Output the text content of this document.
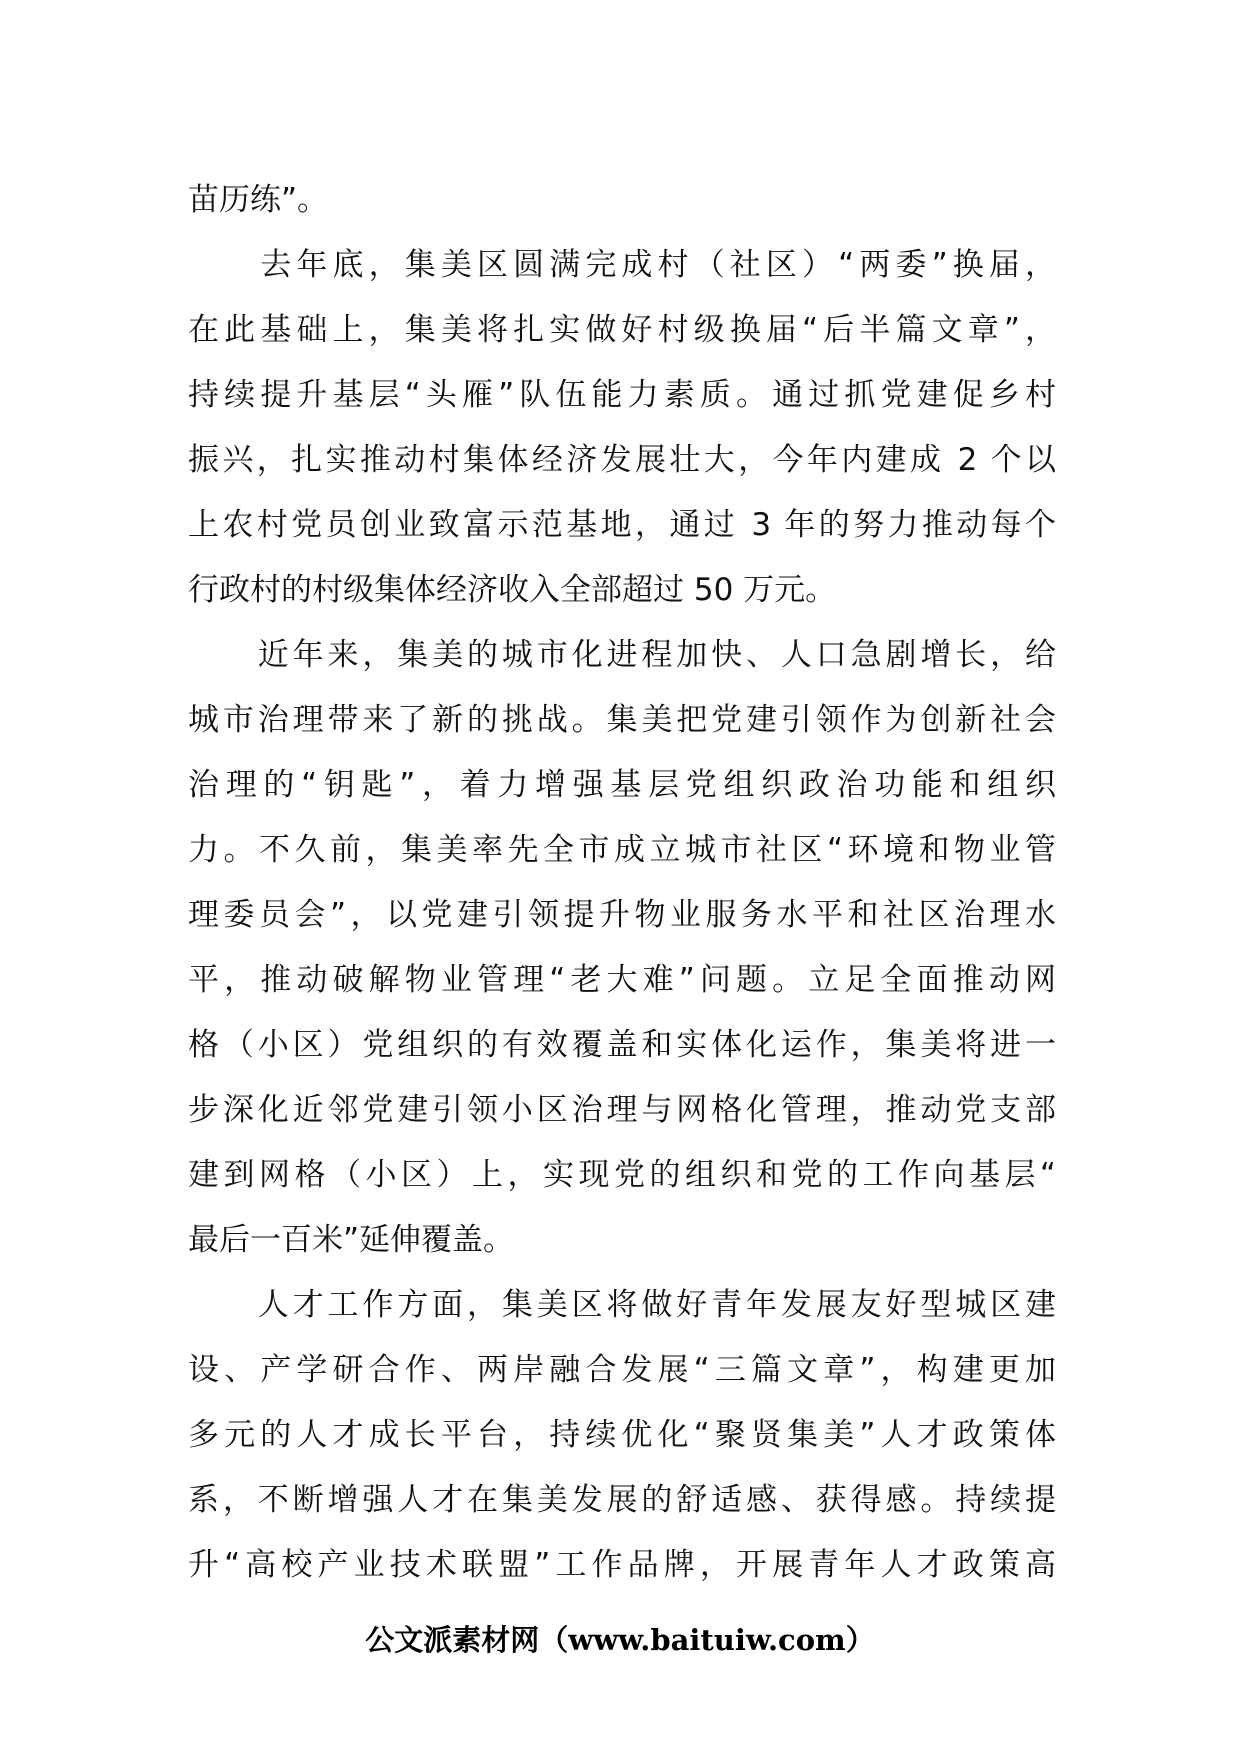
苗历练”。
　　去年底，集美区圆满完成村（社区）“两委”换届，
在此基础上，集美将扎实做好村级换届“后半篇文章”，
持续提升基层“头雁”队伍能力素质。通过抓党建促乡村
振兴，扎实推动村集体经济发展壮大，今年内建成 2 个以
上农村党员创业致富示范基地，通过 3 年的努力推动每个
行政村的村级集体经济收入全部超过 50 万元。
　　近年来，集美的城市化进程加快、人口急剧增长，给
城市治理带来了新的挑战。集美把党建引领作为创新社会
治理的“钥匙”，着力增强基层党组织政治功能和组织
力。不久前，集美率先全市成立城市社区“环境和物业管
理委员会”，以党建引领提升物业服务水平和社区治理水
平，推动破解物业管理“老大难”问题。立足全面推动网
格（小区）党组织的有效覆盖和实体化运作，集美将进一
步深化近邻党建引领小区治理与网格化管理，推动党支部
建到网格（小区）上，实现党的组织和党的工作向基层“
最后一百米”延伸覆盖。
　　人才工作方面，集美区将做好青年发展友好型城区建
设、产学研合作、两岸融合发展“三篇文章”，构建更加
多元的人才成长平台，持续优化“聚贤集美”人才政策体
系，不断增强人才在集美发展的舒适感、获得感。持续提
升“高校产业技术联盟”工作品牌，开展青年人才政策高
公文派素材网（www.baituiw.com）
